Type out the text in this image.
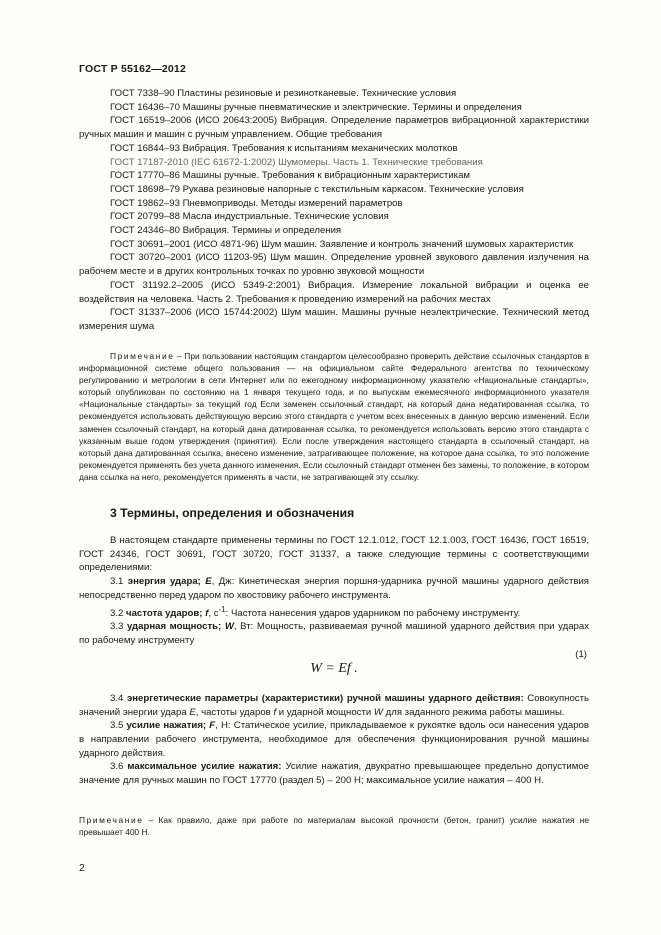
ГОСТ Р 55162—2012

ГОСТ 7338–90 Пластины резиновые и резинотканевые. Технические условия

ГОСТ 16436–70 Машины ручные пневматические и электрические. Термины и определения

ГОСТ 16519–2006 (ИСО 20643:2005) Вибрация. Определение параметров вибрационной характеристики ручных машин и машин с ручным управлением. Общие требования

ГОСТ 16844–93 Вибрация. Требования к испытаниям механических молотков

ГОСТ 17187-2010 (IEC 61672-1:2002) Шумомеры. Часть 1. Технические требования

ГОСТ 17770–86 Машины ручные. Требования к вибрационным характеристикам

ГОСТ 18698–79 Рукава резиновые напорные с текстильным каркасом. Технические условия

ГОСТ 19862–93 Пневмоприводы. Методы измерений параметров

ГОСТ 20799–88 Масла индустриальные. Технические условия

ГОСТ 24346–80 Вибрация. Термины и определения

ГОСТ 30691–2001 (ИСО 4871-96) Шум машин. Заявление и контроль значений шумовых характеристик

ГОСТ 30720–2001 (ИСО 11203-95) Шум машин. Определение уровней звукового давления излучения на рабочем месте и в других контрольных точках по уровню звуковой мощности

ГОСТ 31192.2–2005 (ИСО 5349-2:2001) Вибрация. Измерение локальной вибрации и оценка ее воздействия на человека. Часть 2. Требования к проведению измерений на рабочих местах

ГОСТ 31337–2006 (ИСО 15744:2002) Шум машин. Машины ручные неэлектрические. Технический метод измерения шума

Примечание – При пользовании настоящим стандартом целесообразно проверить действие ссылочных стандартов в информационной системе общего пользования — на официальном сайте Федерального агентства по техническому регулированию и метрологии в сети Интернет или по ежегодному информационному указателю «Национальные стандарты», который опубликован по состоянию на 1 января текущего года, и по выпускам ежемесячного информационного указателя «Национальные стандарты» за текущий год Если заменен ссылочный стандарт, на который дана недатированная ссылка, то рекомендуется использовать действующую версию этого стандарта с учетом всех внесенных в данную версию изменений. Если заменен ссылочный стандарт, на который дана датированная ссылка, то рекомендуется использовать версию этого стандарта с указанным выше годом утверждения (принятия). Если после утверждения настоящего стандарта в ссылочный стандарт, на который дана датированная ссылка, внесено изменение, затрагивающее положение, на которое дана ссылка, то это положение рекомендуется применять без учета данного изменения. Если ссылочный стандарт отменен без замены, то положение, в котором дана ссылка на него, рекомендуется применять в части, не затрагивающей эту ссылку.

3 Термины, определения и обозначения

В настоящем стандарте применены термины по ГОСТ 12.1.012, ГОСТ 12.1.003, ГОСТ 16436, ГОСТ 16519, ГОСТ 24346, ГОСТ 30691, ГОСТ 30720, ГОСТ 31337, а также следующие термины с соответствующими определениями:

3.1 энергия удара; E, Дж: Кинетическая энергия поршня-ударника ручной машины ударного действия непосредственно перед ударом по хвостовику рабочего инструмента.

3.2 частота ударов; f, $с^{-1}$: Частота нанесения ударов ударником по рабочему инструменту.

3.3 ударная мощность; W, Вт: Мощность, развиваемая ручной машиной ударного действия при ударах по рабочему инструменту

W = Ef .
(1)

3.4 энергетические параметры (характеристики) ручной машины ударного действия: Совокупность значений энергии удара E, частоты ударов f и ударной мощности W для заданного режима работы машины.

3.5 усилие нажатия; F, Н: Статическое усилие, прикладываемое к рукоятке вдоль оси нанесения ударов в направлении рабочего инструмента, необходимое для обеспечения функционирования ручной машины ударного действия.

3.6 максимальное усилие нажатия: Усилие нажатия, двукратно превышающее предельно допустимое значение для ручных машин по ГОСТ 17770 (раздел 5) – 200 Н; максимальное усилие нажатия – 400 Н.

Примечание – Как правило, даже при работе по материалам высокой прочности (бетон, гранит) усилие нажатия не превышает 400 Н.

2
